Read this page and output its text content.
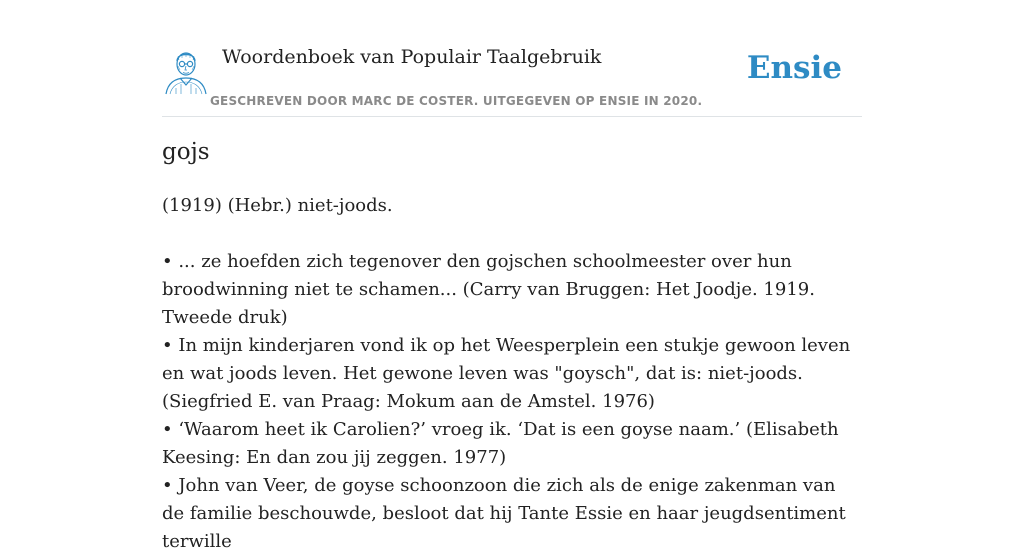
Woordenboek van Populair Taalgebruik
GESCHREVEN DOOR MARC DE COSTER. UITGEGEVEN OP ENSIE IN 2020.
Ensie
gojs

(1919) (Hebr.) niet-joods.

• ... ze hoefden zich tegenover den gojschen schoolmeester over hun broodwinning niet te schamen... (Carry van Bruggen: Het Joodje. 1919. Tweede druk)

• In mijn kinderjaren vond ik op het Weesperplein een stukje gewoon leven en wat joods leven. Het gewone leven was "goysch", dat is: niet-joods. (Siegfried E. van Praag: Mokum aan de Amstel. 1976)

• ‘Waarom heet ik Carolien?’ vroeg ik. ‘Dat is een goyse naam.’ (Elisabeth Keesing: En dan zou jij zeggen. 1977)

• John van Veer, de goyse schoonzoon die zich als de enige zakenman van de familie beschouwde, besloot dat hij Tante Essie en haar jeugdsentiment terwille
